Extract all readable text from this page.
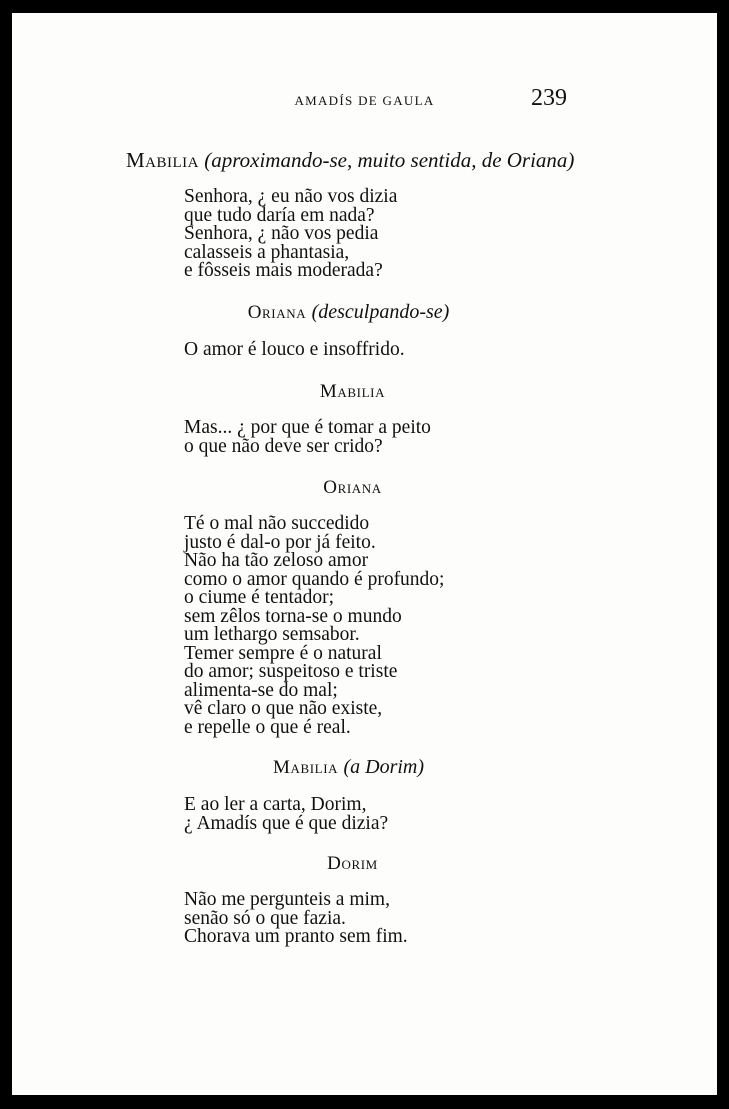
AMADÍS DE GAULA	239
Mabilia (aproximando-se, muito sentida, de Oriana)
Senhora, ¿ eu não vos dizia
que tudo daría em nada?
Senhora, ¿ não vos pedia
calasseis a phantasia,
e fôsseis mais moderada?
Oriana (desculpando-se)
O amor é louco e insoffrido.
Mabilia
Mas... ¿ por que é tomar a peito
o que não deve ser crido?
Oriana
Té o mal não succedido
justo é dal-o por já feito.
Não ha tão zeloso amor
como o amor quando é profundo;
o ciume é tentador;
sem zêlos torna-se o mundo
um lethargo semsabor.
Temer sempre é o natural
do amor; suspeitoso e triste
alimenta-se do mal;
vê claro o que não existe,
e repelle o que é real.
Mabilia (a Dorim)
E ao ler a carta, Dorim,
¿ Amadís que é que dizia?
Dorim
Não me pergunteis a mim,
senão só o que fazia.
Chorava um pranto sem fim.
